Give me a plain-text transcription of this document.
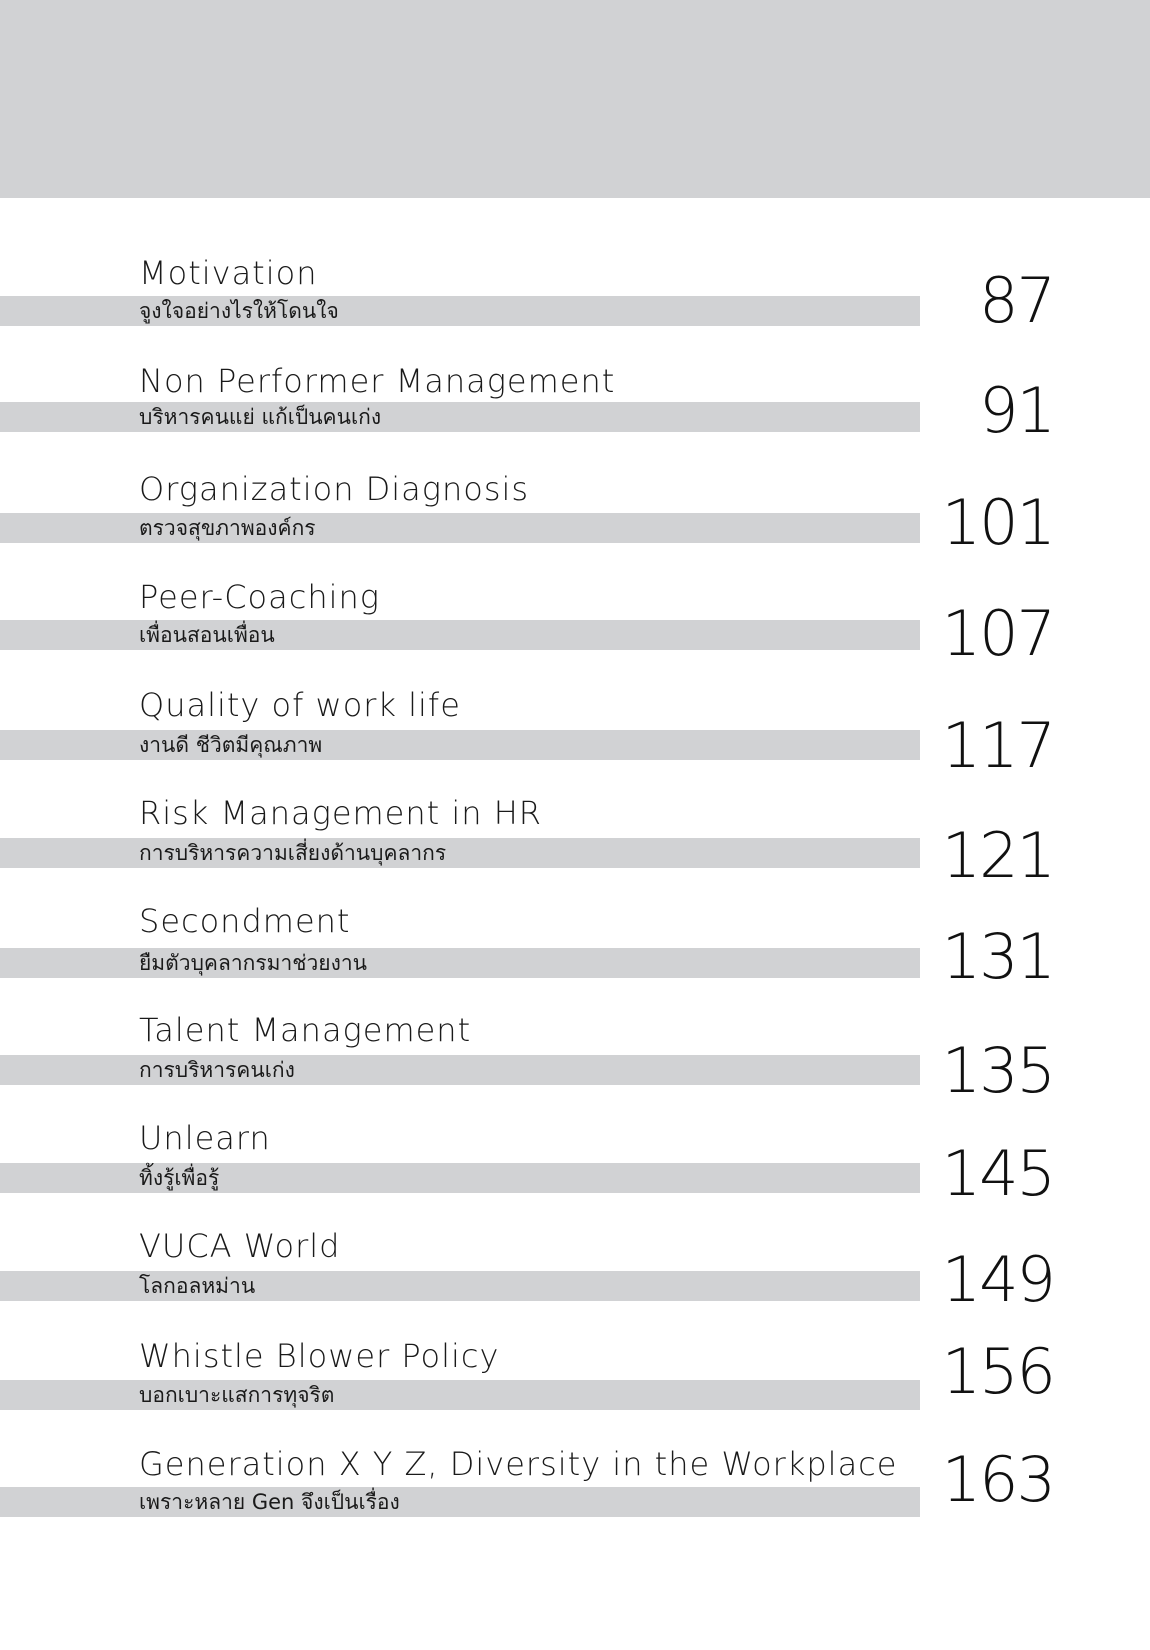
Motivation
จูงใจอย่างไรให้โดนใจ	87
Non Performer Management
บริหารคนแย่ แก้เป็นคนเก่ง	91
Organization Diagnosis
ตรวจสุขภาพองค์กร	101
Peer-Coaching
เพื่อนสอนเพื่อน	107
Quality of work life
งานดี ชีวิตมีคุณภาพ	117
Risk Management in HR
การบริหารความเสี่ยงด้านบุคลากร	121
Secondment
ยืมตัวบุคลากรมาช่วยงาน	131
Talent Management
การบริหารคนเก่ง	135
Unlearn
ทิ้งรู้เพื่อรู้	145
VUCA World
โลกอลหม่าน	149
Whistle Blower Policy
บอกเบาะแสการทุจริต	156
Generation X Y Z, Diversity in the Workplace
เพราะหลาย Gen จึงเป็นเรื่อง	163
